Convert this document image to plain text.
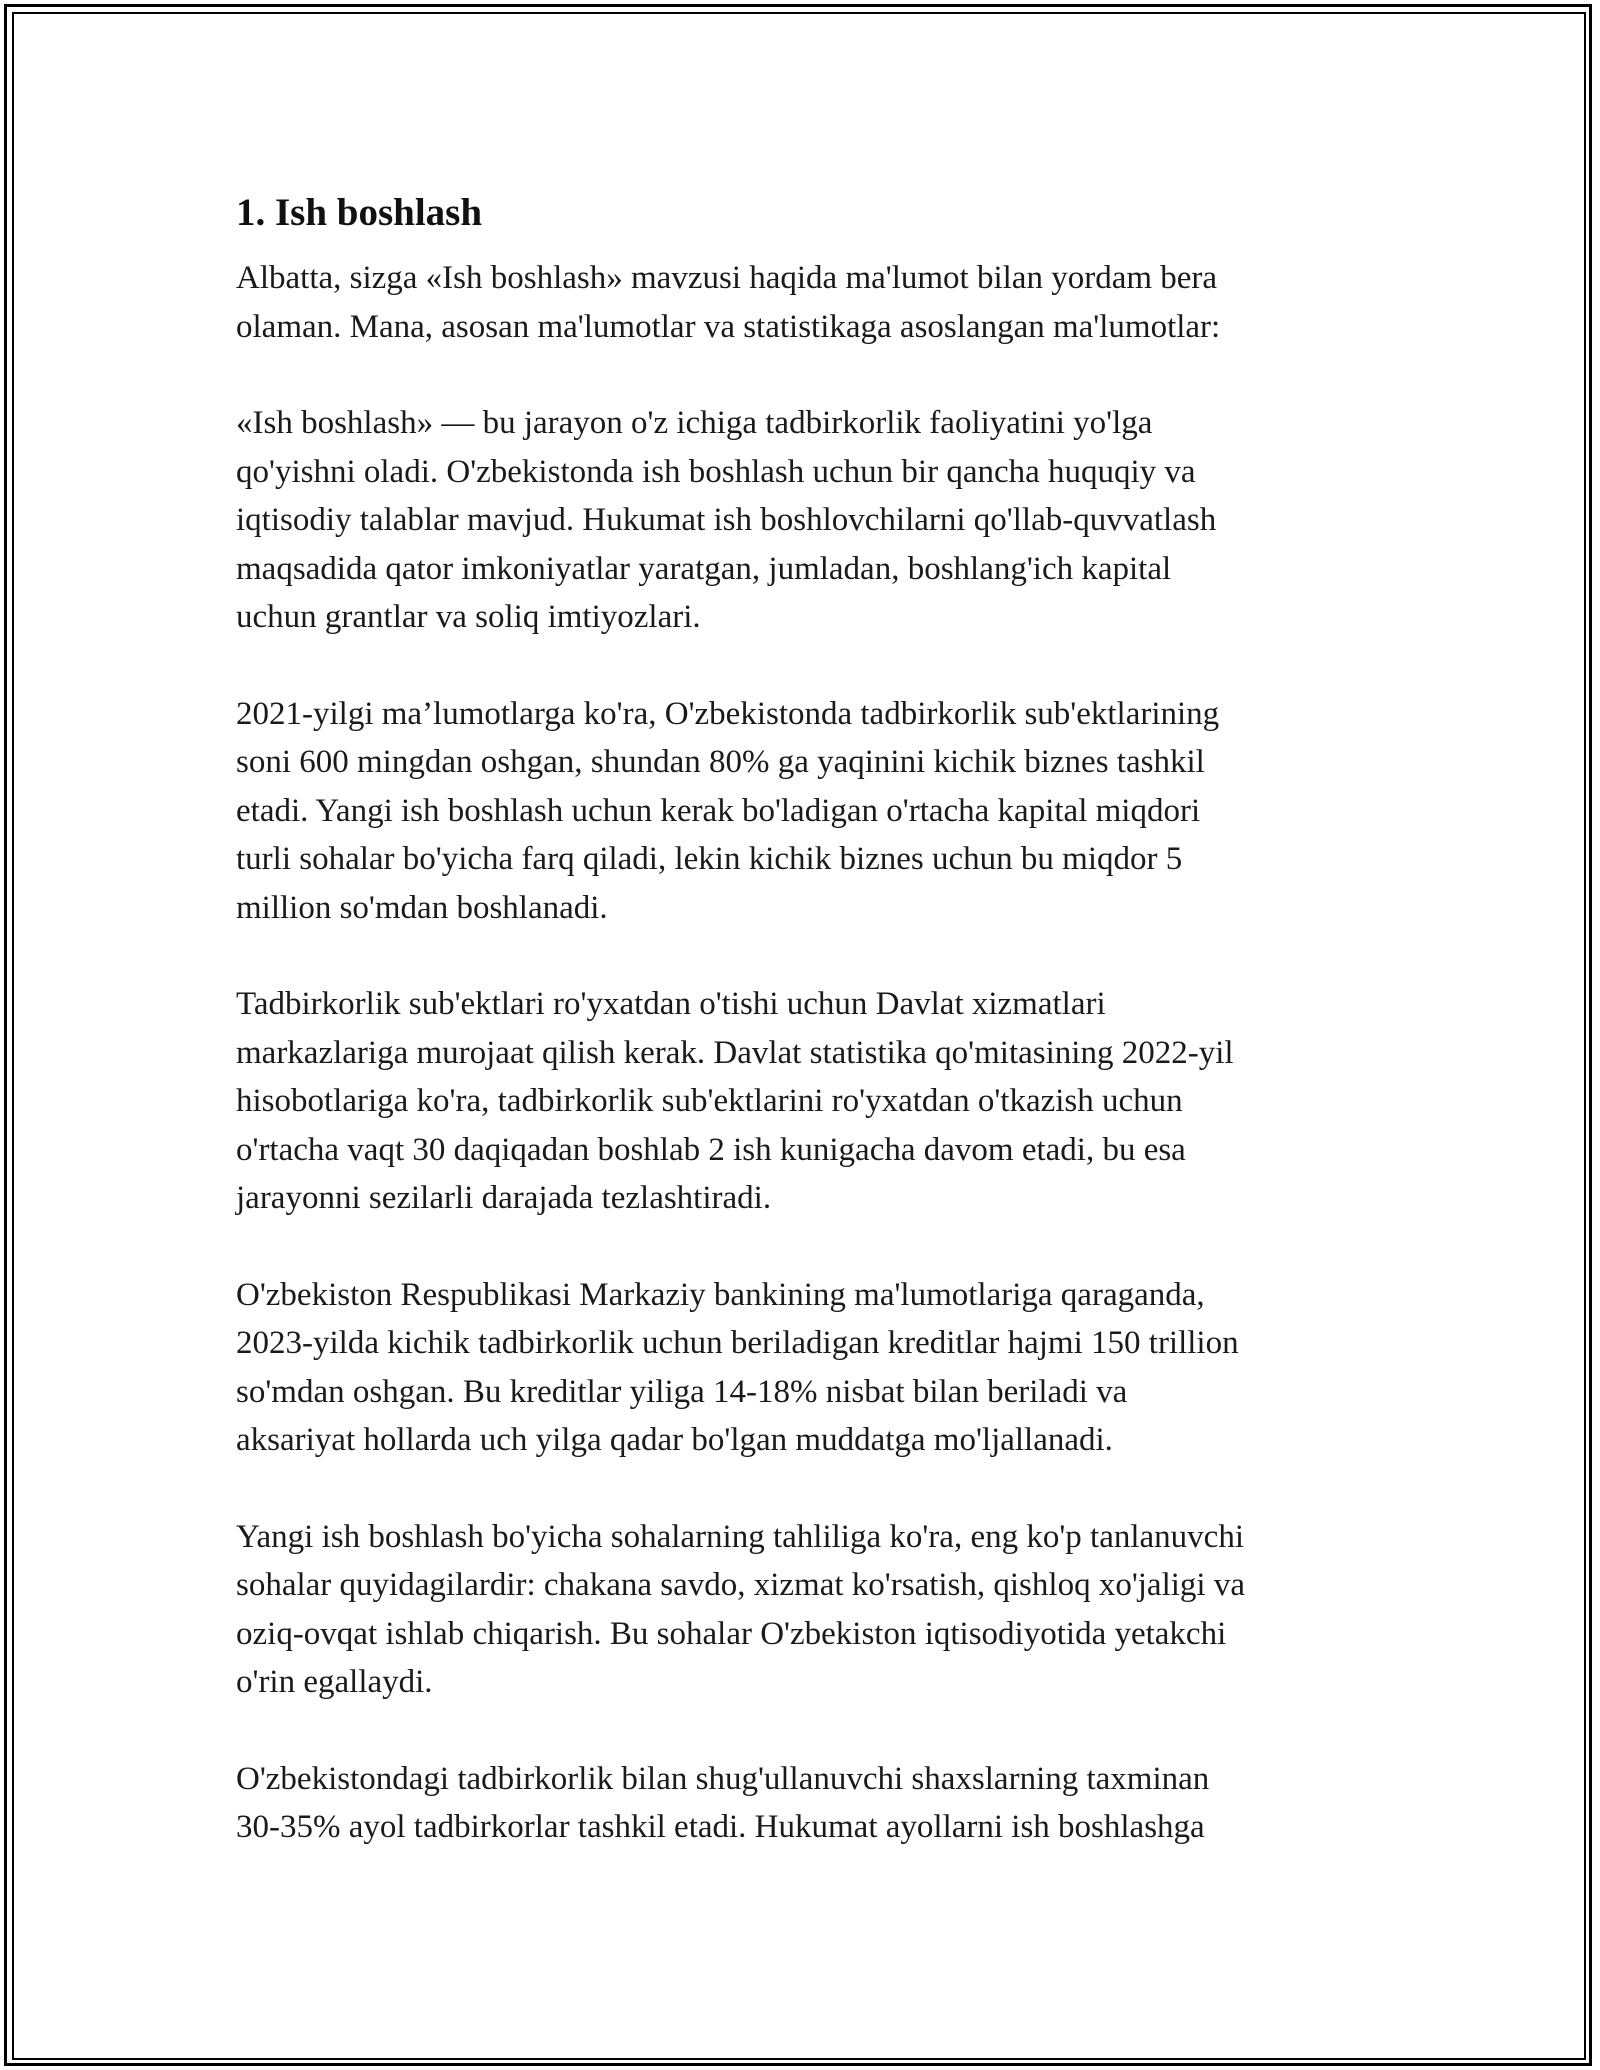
1. Ish boshlash

Albatta, sizga «Ish boshlash» mavzusi haqida ma'lumot bilan yordam bera
olaman. Mana, asosan ma'lumotlar va statistikaga asoslangan ma'lumotlar:

«Ish boshlash» — bu jarayon o'z ichiga tadbirkorlik faoliyatini yo'lga
qo'yishni oladi. O'zbekistonda ish boshlash uchun bir qancha huquqiy va
iqtisodiy talablar mavjud. Hukumat ish boshlovchilarni qo'llab-quvvatlash
maqsadida qator imkoniyatlar yaratgan, jumladan, boshlang'ich kapital
uchun grantlar va soliq imtiyozlari.

2021-yilgi ma’lumotlarga ko'ra, O'zbekistonda tadbirkorlik sub'ektlarining
soni 600 mingdan oshgan, shundan 80% ga yaqinini kichik biznes tashkil
etadi. Yangi ish boshlash uchun kerak bo'ladigan o'rtacha kapital miqdori
turli sohalar bo'yicha farq qiladi, lekin kichik biznes uchun bu miqdor 5
million so'mdan boshlanadi.

Tadbirkorlik sub'ektlari ro'yxatdan o'tishi uchun Davlat xizmatlari
markazlariga murojaat qilish kerak. Davlat statistika qo'mitasining 2022-yil
hisobotlariga ko'ra, tadbirkorlik sub'ektlarini ro'yxatdan o'tkazish uchun
o'rtacha vaqt 30 daqiqadan boshlab 2 ish kunigacha davom etadi, bu esa
jarayonni sezilarli darajada tezlashtiradi.

O'zbekiston Respublikasi Markaziy bankining ma'lumotlariga qaraganda,
2023-yilda kichik tadbirkorlik uchun beriladigan kreditlar hajmi 150 trillion
so'mdan oshgan. Bu kreditlar yiliga 14-18% nisbat bilan beriladi va
aksariyat hollarda uch yilga qadar bo'lgan muddatga mo'ljallanadi.

Yangi ish boshlash bo'yicha sohalarning tahliliga ko'ra, eng ko'p tanlanuvchi
sohalar quyidagilardir: chakana savdo, xizmat ko'rsatish, qishloq xo'jaligi va
oziq-ovqat ishlab chiqarish. Bu sohalar O'zbekiston iqtisodiyotida yetakchi
o'rin egallaydi.

O'zbekistondagi tadbirkorlik bilan shug'ullanuvchi shaxslarning taxminan
30-35% ayol tadbirkorlar tashkil etadi. Hukumat ayollarni ish boshlashga
